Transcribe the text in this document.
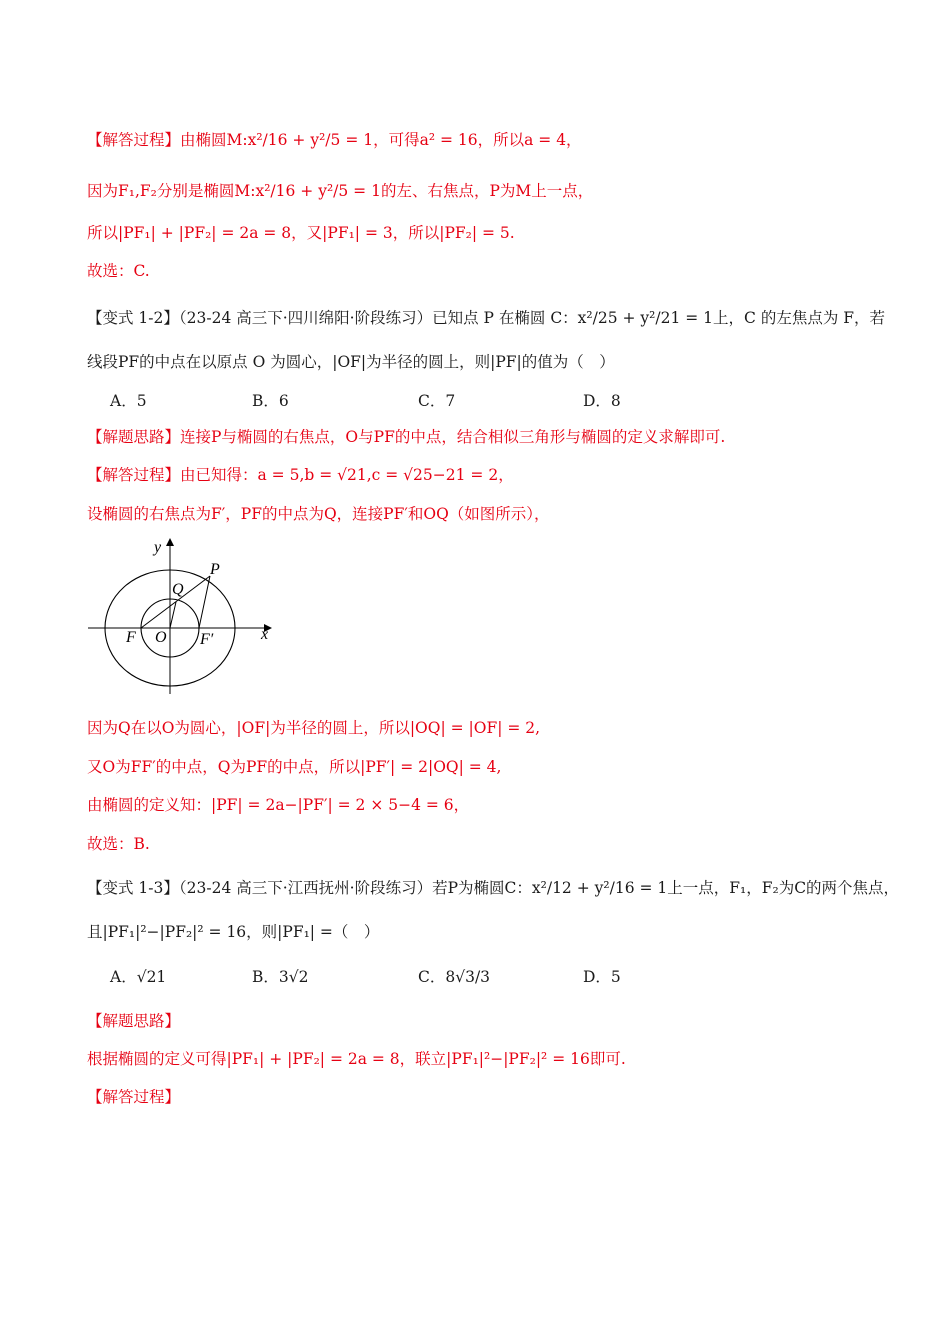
【解答过程】由椭圆M:x²/16 + y²/5 = 1，可得a² = 16，所以a = 4，
因为F₁,F₂分别是椭圆M:x²/16 + y²/5 = 1的左、右焦点，P为M上一点，
所以|PF₁| + |PF₂| = 2a = 8，又|PF₁| = 3，所以|PF₂| = 5.
故选：C.
【变式 1-2】（23-24 高三下·四川绵阳·阶段练习）已知点 P 在椭圆 C：x²/25 + y²/21 = 1上，C 的左焦点为 F，若
线段PF的中点在以原点 O 为圆心，|OF|为半径的圆上，则|PF|的值为（　）
A．5	B．6	C．7	D．8
【解题思路】连接P与椭圆的右焦点，O与PF的中点，结合相似三角形与椭圆的定义求解即可.
【解答过程】由已知得：a = 5,b = √21,c = √25−21 = 2，
设椭圆的右焦点为F′，PF的中点为Q，连接PF′和OQ（如图所示），
y
x
P
Q
F O F′
因为Q在以O为圆心，|OF|为半径的圆上，所以|OQ| = |OF| = 2,
又O为FF′的中点，Q为PF的中点，所以|PF′| = 2|OQ| = 4,
由椭圆的定义知：|PF| = 2a−|PF′| = 2 × 5−4 = 6，
故选：B.
【变式 1-3】（23-24 高三下·江西抚州·阶段练习）若P为椭圆C：x²/12 + y²/16 = 1上一点，F₁，F₂为C的两个焦点，
且|PF₁|²−|PF₂|² = 16，则|PF₁| =（　）
A．√21	B．3√2	C．8√3/3	D．5
【解题思路】
根据椭圆的定义可得|PF₁| + |PF₂| = 2a = 8，联立|PF₁|²−|PF₂|² = 16即可.
【解答过程】
